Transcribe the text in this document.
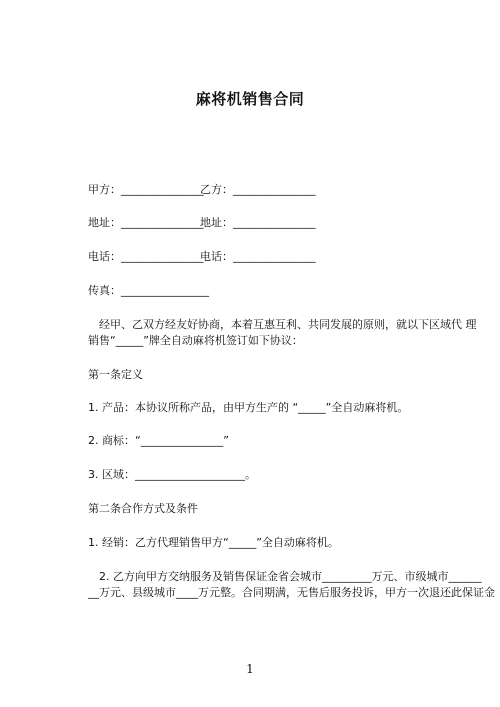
麻将机销售合同
甲方：_______________
乙方：_______________
地址：_______________
地址：_______________
电话：_______________
电话：_______________
传真：________________
　经甲、乙双方经友好协商，本着互惠互利、共同发展的原则，就以下区域代 理
销售“_____”牌全自动麻将机签订如下协议：
第一条定义
1. 产品：本协议所称产品，由甲方生产的 “_____”全自动麻将机。
2. 商标：“_______________”
3. 区域：____________________。
第二条合作方式及条件
1. 经销：乙方代理销售甲方“_____”全自动麻将机。
　2. 乙方向甲方交纳服务及销售保证金省会城市_________万元、市级城市______
__万元、县级城市____万元整。合同期满，无售后服务投诉，甲方一次退还此保证金
1
